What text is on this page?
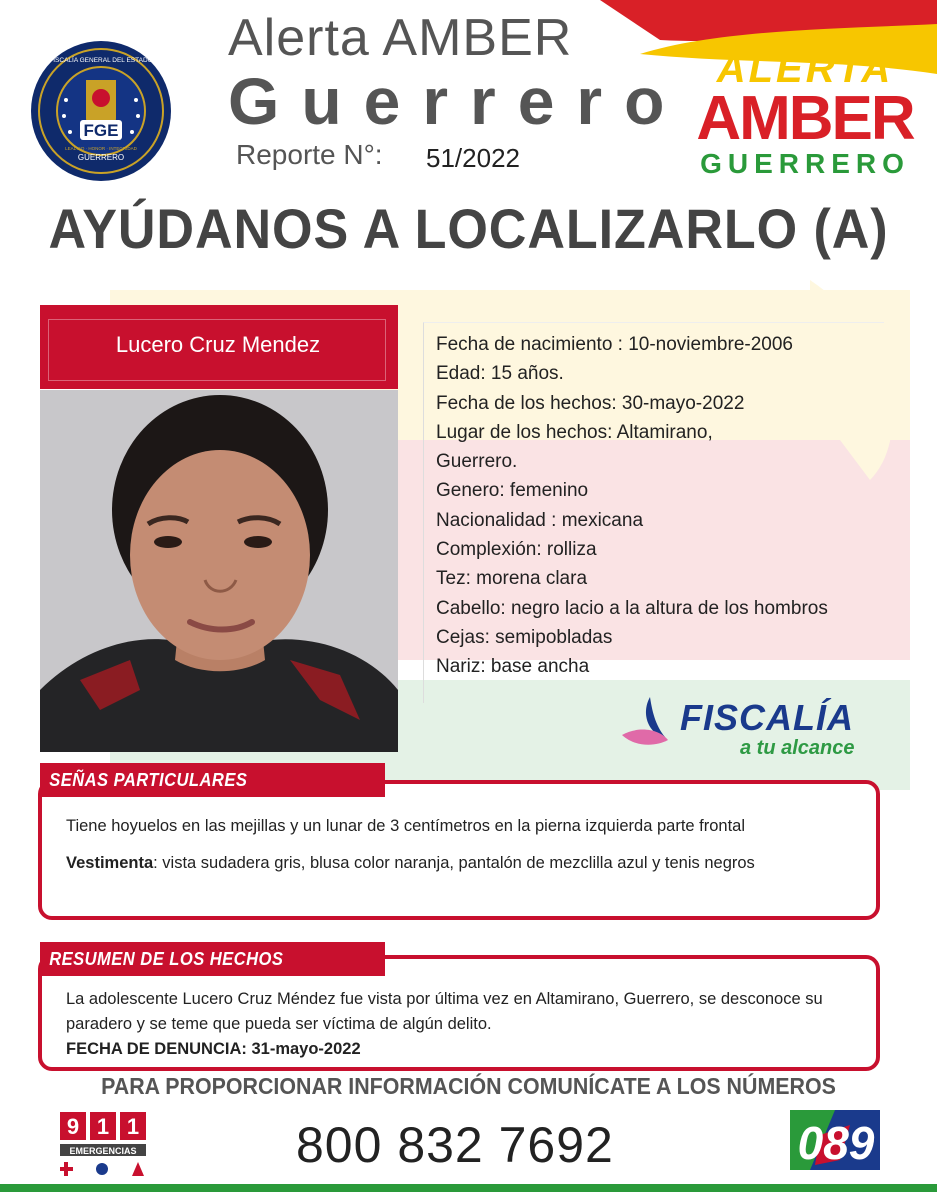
FGE
GUERRERO
FISCALÍA GENERAL DEL ESTADO
LEALTAD · HONOR · INTEGRIDAD
Alerta AMBER
Guerrero
Reporte N°: 51/2022
ALERTA
AMBER
GUERRERO
AYÚDANOS A LOCALIZARLO (A)
Lucero Cruz Mendez	Fecha de nacimiento : 10-noviembre-2006
Edad: 15 años.
Fecha de los hechos: 30-mayo-2022
Lugar de los hechos: Altamirano,
Guerrero.
Genero: femenino
Nacionalidad : mexicana
Complexión: rolliza
Tez: morena clara
Cabello: negro lacio a la altura de los hombros
Cejas: semipobladas
Nariz: base ancha
FISCALÍA
a tu alcance
SEÑAS PARTICULARES
Tiene hoyuelos en las mejillas y un lunar de 3 centímetros en la pierna izquierda parte frontal
Vestimenta: vista sudadera gris, blusa color naranja, pantalón de mezclilla azul y tenis negros
RESUMEN DE LOS HECHOS
La adolescente Lucero Cruz Méndez fue vista por última vez en Altamirano, Guerrero, se desconoce su paradero y se teme que pueda ser víctima de algún delito.
FECHA DE DENUNCIA: 31-mayo-2022
PARA PROPORCIONAR INFORMACIÓN COMUNÍCATE A LOS NÚMEROS
9 1 1
EMERGENCIAS	800 832 7692	089
